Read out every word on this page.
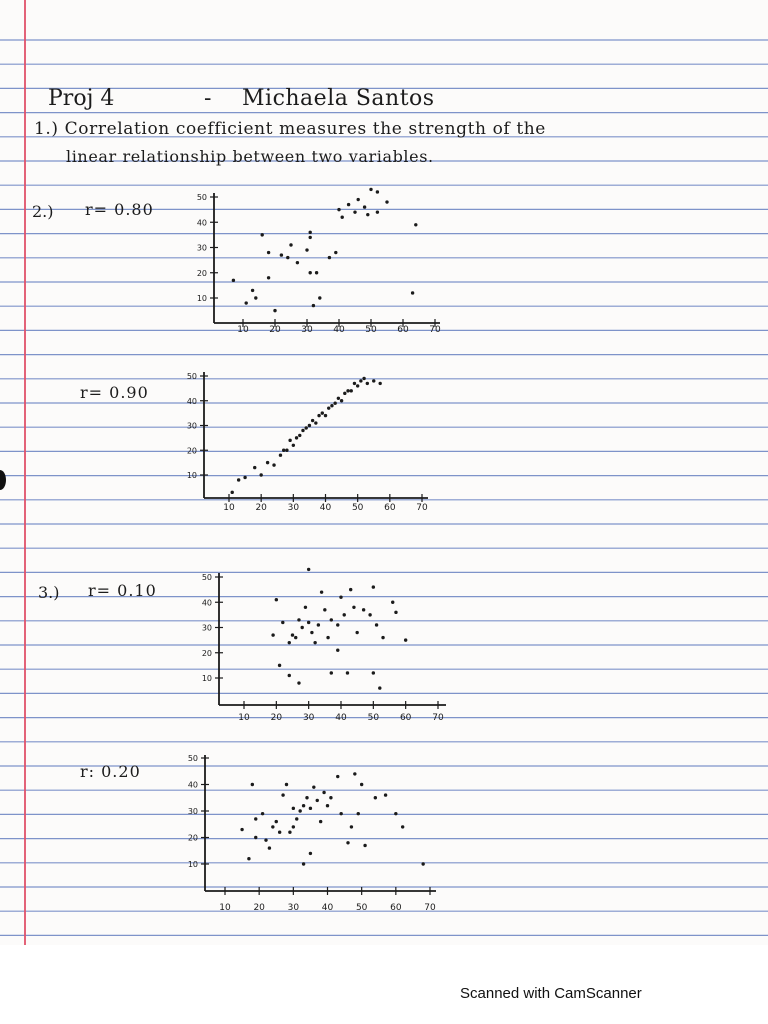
Proj 4	- Michaela Santos
1.) Correlation coefficient measures the strength of the
linear relationship between two variables.
2.) r= 0.80
r= 0.90
3.) r= 0.10
r: 0.20
10 20 30 40 50 60 70
10
20
30
40
50
10 20 30 40 50 60 70
10
20
30
40
50
10 20 30 40 50 60 70
10
20
30
40
50
10	20	30	40	50	60	70
10
20
30
40
50
Scanned with CamScanner
